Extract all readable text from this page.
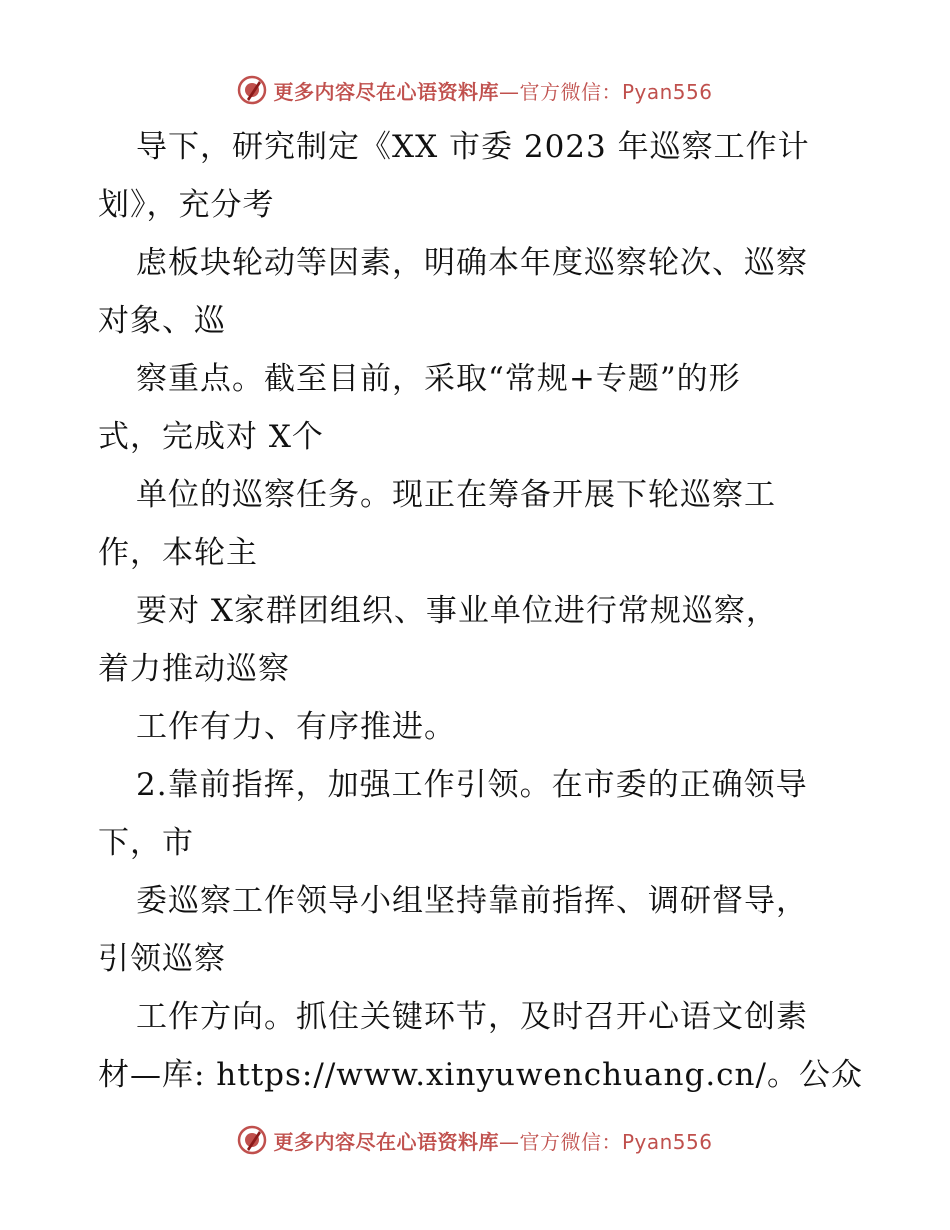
更多内容尽在心语资料库—官方微信：Pyan556
导下，研究制定《XX 市委 2023 年巡察工作计
划》，充分考
虑板块轮动等因素，明确本年度巡察轮次、巡察
对象、巡
察重点。截至目前，采取“常规+专题”的形
式，完成对 X个
单位的巡察任务。现正在筹备开展下轮巡察工
作，本轮主
要对 X家群团组织、事业单位进行常规巡察，
着力推动巡察
工作有力、有序推进。
2.靠前指挥，加强工作引领。在市委的正确领导
下，市
委巡察工作领导小组坚持靠前指挥、调研督导，
引领巡察
工作方向。抓住关键环节，及时召开心语文创素
材—库: https://www.xinyuwenchuang.cn/。公众
更多内容尽在心语资料库—官方微信：Pyan556
